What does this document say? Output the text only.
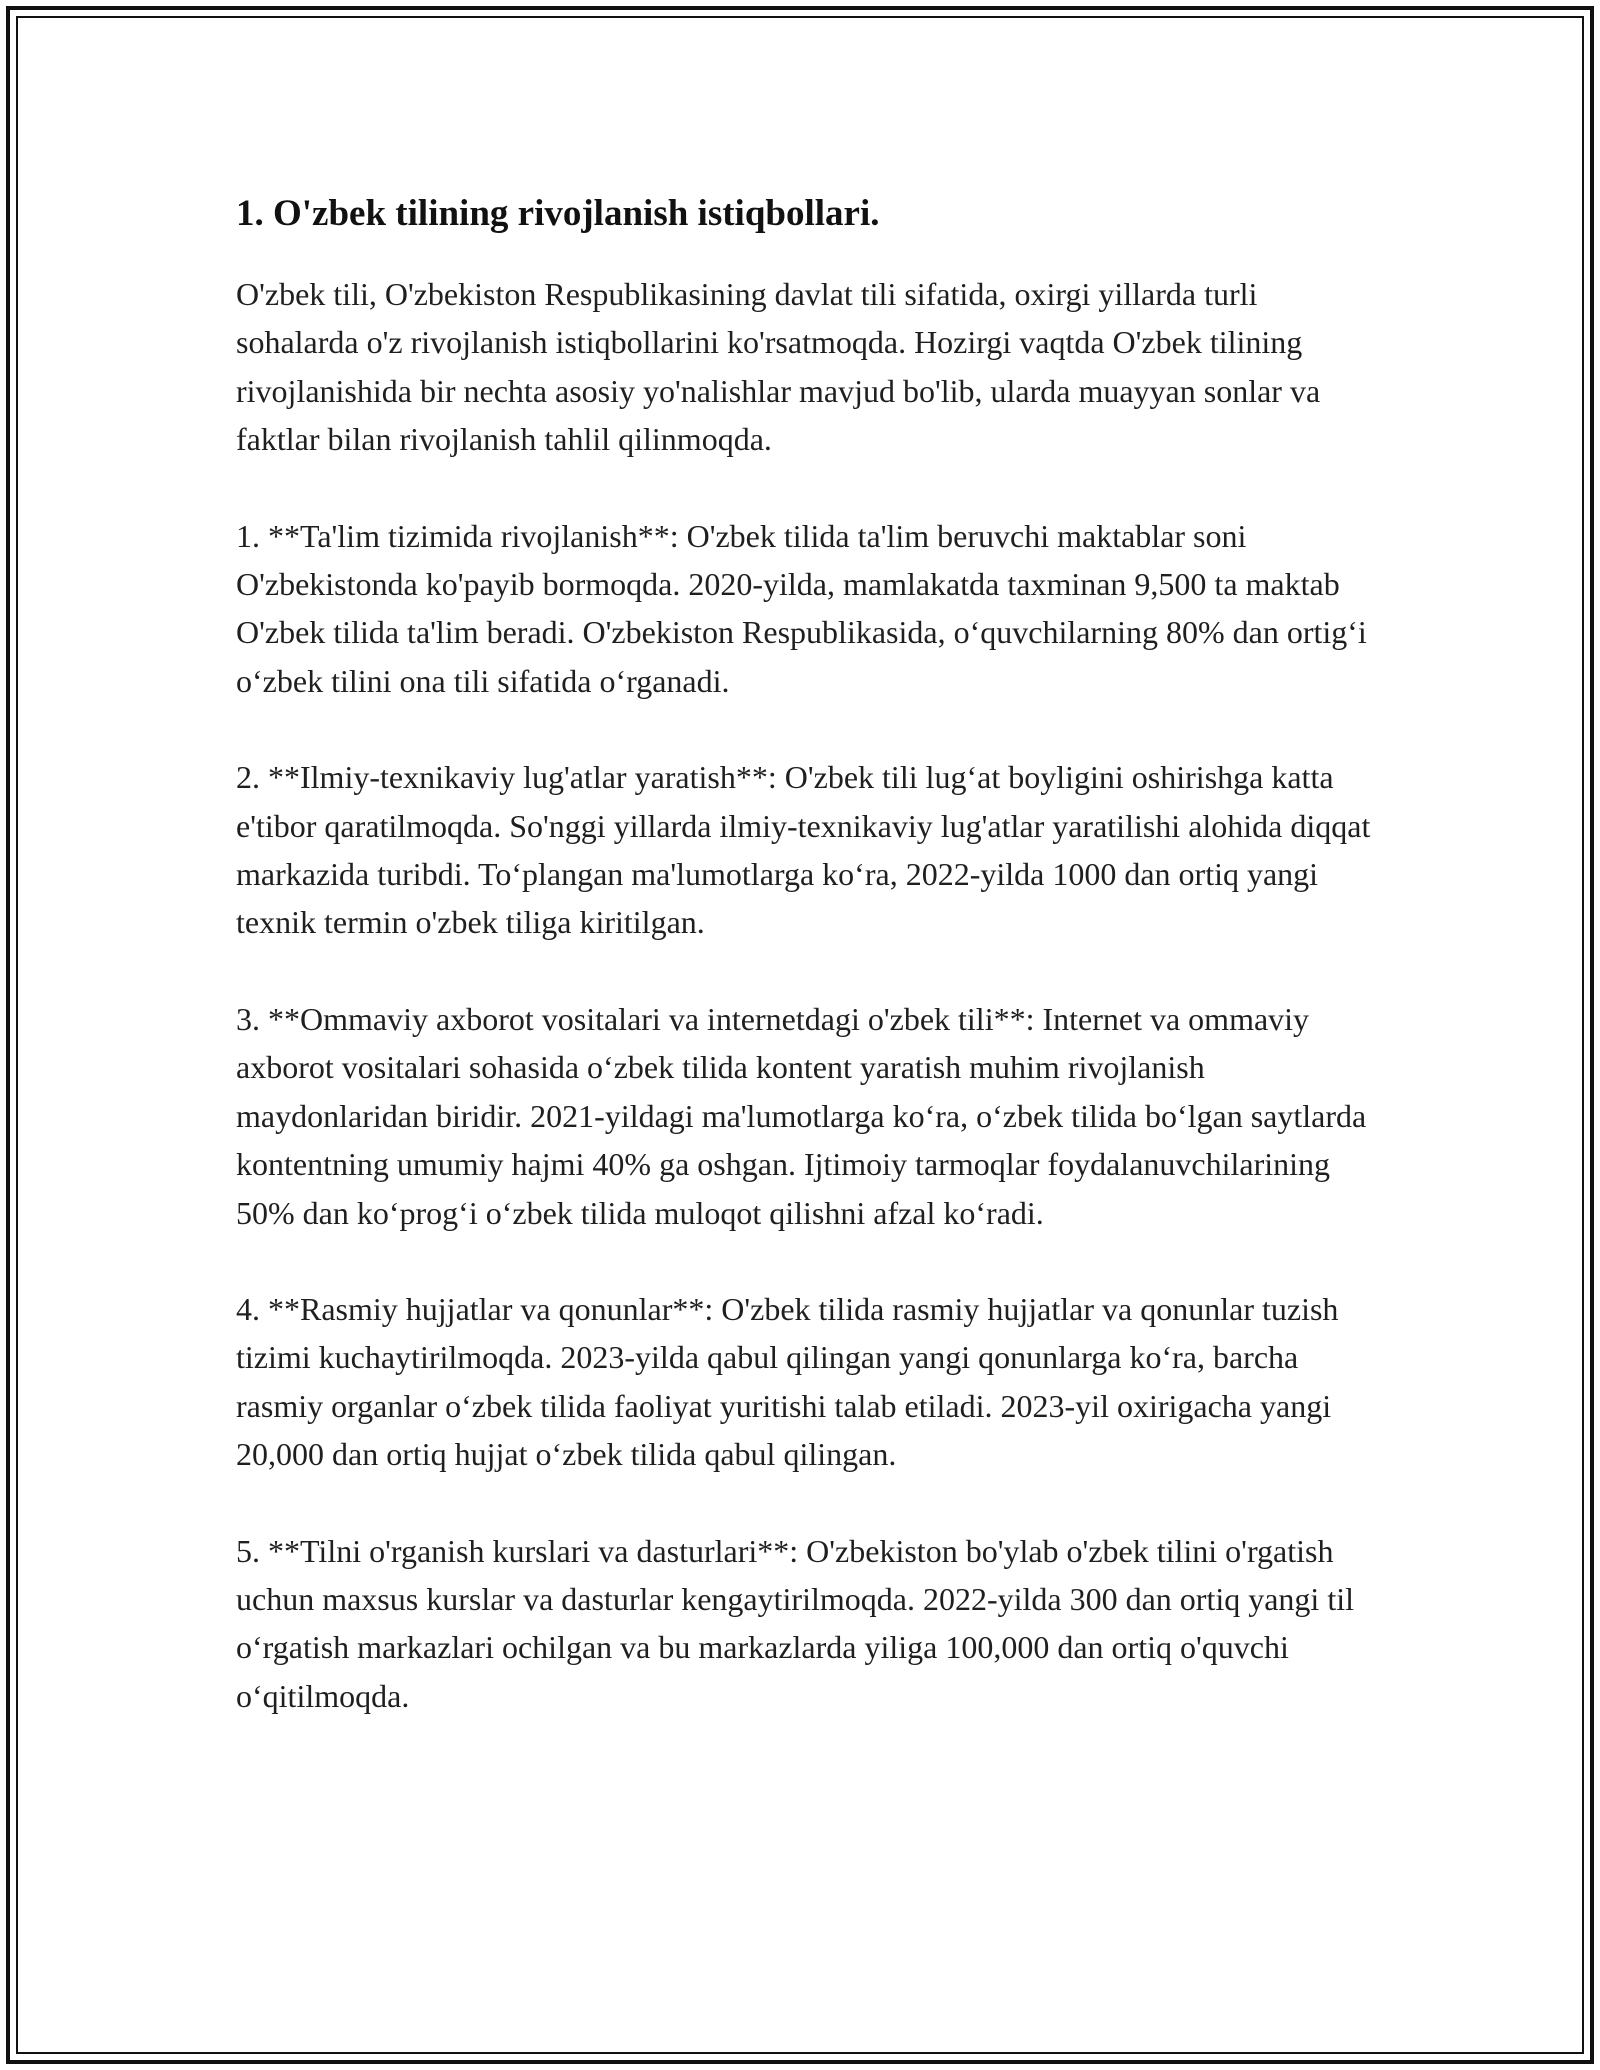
1. O'zbek tilining rivojlanish istiqbollari.

O'zbek tili, O'zbekiston Respublikasining davlat tili sifatida, oxirgi yillarda turli sohalarda o'z rivojlanish istiqbollarini ko'rsatmoqda. Hozirgi vaqtda O'zbek tilining rivojlanishida bir nechta asosiy yo'nalishlar mavjud bo'lib, ularda muayyan sonlar va faktlar bilan rivojlanish tahlil qilinmoqda.

1. **Ta'lim tizimida rivojlanish**: O'zbek tilida ta'lim beruvchi maktablar soni O'zbekistonda ko'payib bormoqda. 2020-yilda, mamlakatda taxminan 9,500 ta maktab O'zbek tilida ta'lim beradi. O'zbekiston Respublikasida, o‘quvchilarning 80% dan ortig‘i o‘zbek tilini ona tili sifatida o‘rganadi.

2. **Ilmiy-texnikaviy lug'atlar yaratish**: O'zbek tili lug‘at boyligini oshirishga katta e'tibor qaratilmoqda. So'nggi yillarda ilmiy-texnikaviy lug'atlar yaratilishi alohida diqqat markazida turibdi. To‘plangan ma'lumotlarga ko‘ra, 2022-yilda 1000 dan ortiq yangi texnik termin o'zbek tiliga kiritilgan.

3. **Ommaviy axborot vositalari va internetdagi o'zbek tili**: Internet va ommaviy axborot vositalari sohasida o‘zbek tilida kontent yaratish muhim rivojlanish maydonlaridan biridir. 2021-yildagi ma'lumotlarga ko‘ra, o‘zbek tilida bo‘lgan saytlarda kontentning umumiy hajmi 40% ga oshgan. Ijtimoiy tarmoqlar foydalanuvchilarining 50% dan ko‘prog‘i o‘zbek tilida muloqot qilishni afzal ko‘radi.

4. **Rasmiy hujjatlar va qonunlar**: O'zbek tilida rasmiy hujjatlar va qonunlar tuzish tizimi kuchaytirilmoqda. 2023-yilda qabul qilingan yangi qonunlarga ko‘ra, barcha rasmiy organlar o‘zbek tilida faoliyat yuritishi talab etiladi. 2023-yil oxirigacha yangi 20,000 dan ortiq hujjat o‘zbek tilida qabul qilingan.

5. **Tilni o'rganish kurslari va dasturlari**: O'zbekiston bo'ylab o'zbek tilini o'rgatish uchun maxsus kurslar va dasturlar kengaytirilmoqda. 2022-yilda 300 dan ortiq yangi til o‘rgatish markazlari ochilgan va bu markazlarda yiliga 100,000 dan ortiq o'quvchi o‘qitilmoqda.
